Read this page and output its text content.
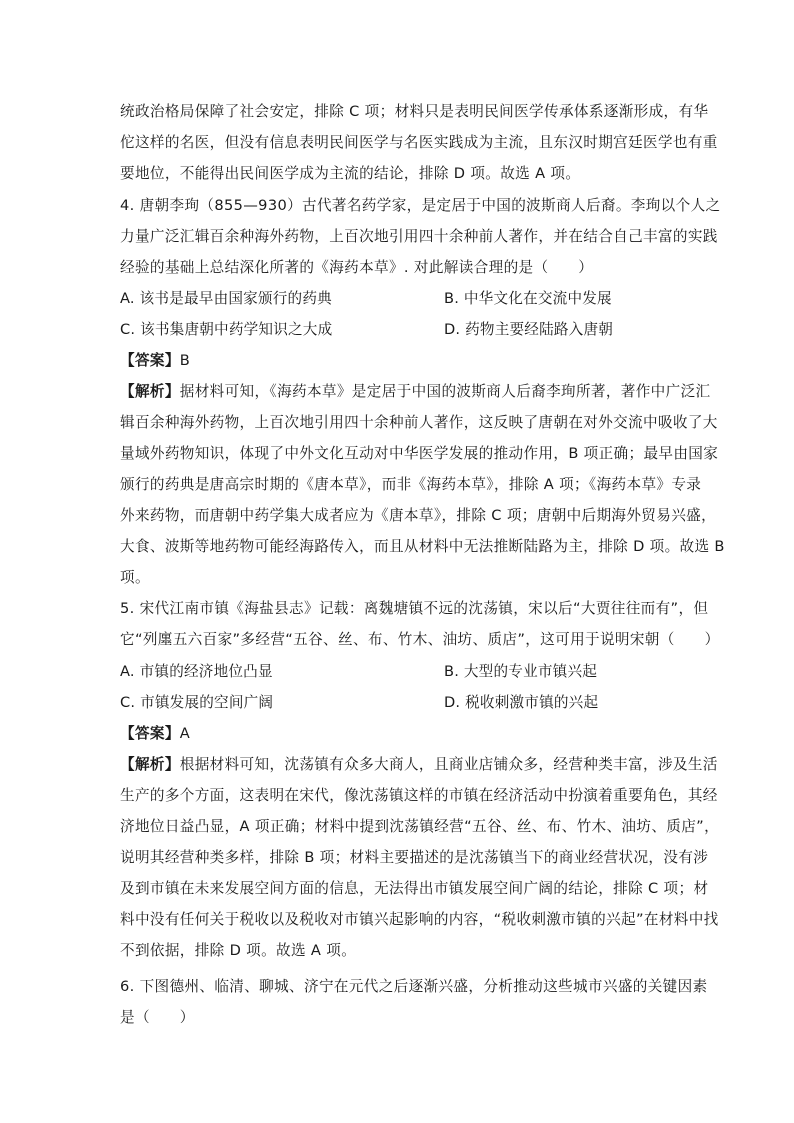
统政治格局保障了社会安定，排除 C 项；材料只是表明民间医学传承体系逐渐形成，有华
佗这样的名医，但没有信息表明民间医学与名医实践成为主流，且东汉时期宫廷医学也有重
要地位，不能得出民间医学成为主流的结论，排除 D 项。故选 A 项。
4. 唐朝李珣（855—930）古代著名药学家，是定居于中国的波斯商人后裔。李珣以个人之
力量广泛汇辑百余种海外药物，上百次地引用四十余种前人著作，并在结合自己丰富的实践
经验的基础上总结深化所著的《海药本草》. 对此解读合理的是（　　）
A. 该书是最早由国家颁行的药典	B. 中华文化在交流中发展
C. 该书集唐朝中药学知识之大成	D. 药物主要经陆路入唐朝
【答案】B
【解析】据材料可知，《海药本草》是定居于中国的波斯商人后裔李珣所著，著作中广泛汇
辑百余种海外药物，上百次地引用四十余种前人著作，这反映了唐朝在对外交流中吸收了大
量域外药物知识，体现了中外文化互动对中华医学发展的推动作用，B 项正确；最早由国家
颁行的药典是唐高宗时期的《唐本草》，而非《海药本草》，排除 A 项；《海药本草》专录
外来药物，而唐朝中药学集大成者应为《唐本草》，排除 C 项；唐朝中后期海外贸易兴盛，
大食、波斯等地药物可能经海路传入，而且从材料中无法推断陆路为主，排除 D 项。故选 B
项。
5. 宋代江南市镇《海盐县志》记载：离魏塘镇不远的沈荡镇，宋以后“大贾往往而有”，但
它“列廛五六百家”多经营“五谷、丝、布、竹木、油坊、质店”，这可用于说明宋朝（　　）
A. 市镇的经济地位凸显	B. 大型的专业市镇兴起
C. 市镇发展的空间广阔	D. 税收刺激市镇的兴起
【答案】A
【解析】根据材料可知，沈荡镇有众多大商人，且商业店铺众多，经营种类丰富，涉及生活
生产的多个方面，这表明在宋代，像沈荡镇这样的市镇在经济活动中扮演着重要角色，其经
济地位日益凸显，A 项正确；材料中提到沈荡镇经营“五谷、丝、布、竹木、油坊、质店”，
说明其经营种类多样，排除 B 项；材料主要描述的是沈荡镇当下的商业经营状况，没有涉
及到市镇在未来发展空间方面的信息，无法得出市镇发展空间广阔的结论，排除 C 项；材
料中没有任何关于税收以及税收对市镇兴起影响的内容，“税收刺激市镇的兴起”在材料中找
不到依据，排除 D 项。故选 A 项。
6. 下图德州、临清、聊城、济宁在元代之后逐渐兴盛，分析推动这些城市兴盛的关键因素
是（　　）
